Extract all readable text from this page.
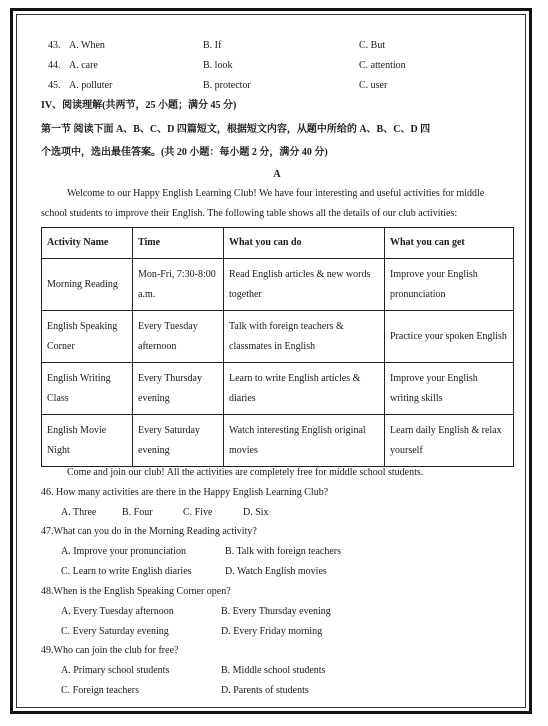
43. A. When	B. If	C. But
44. A. care	B. look	C. attention
45. A. polluter	B. protector	C. user
IV、阅读理解(共两节，25 小题；满分 45 分)
第一节 阅读下面 A、B、C、D 四篇短文，根据短文内容，从题中所给的 A、B、C、D 四
个选项中，选出最佳答案。(共 20 小题：每小题 2 分，满分 40 分)
A
Welcome to our Happy English Learning Club! We have four interesting and useful activities for middle
school students to improve their English. The following table shows all the details of our club activities:
Activity Name	Time	What you can do	What you can get
Morning Reading	Mon-Fri, 7:30-8:00 a.m.	Read English articles & new words together	Improve your English pronunciation
English Speaking Corner	Every Tuesday afternoon	Talk with foreign teachers & classmates in English	Practice your spoken English
English Writing Class	Every Thursday evening	Learn to write English articles & diaries	Improve your English writing skills
English Movie Night	Every Saturday evening	Watch interesting English original movies	Learn daily English & relax yourself
Come and join our club! All the activities are completely free for middle school students.
46. How many activities are there in the Happy English Learning Club?
A. Three	B. Four	C. Five	D. Six
47.What can you do in the Morning Reading activity?
A. Improve your pronunciation	B. Talk with foreign teachers
C. Learn to write English diaries	D. Watch English movies
48.When is the English Speaking Corner open?
A. Every Tuesday afternoon	B. Every Thursday evening
C. Every Saturday evening	D. Every Friday morning
49.Who can join the club for free?
A. Primary school students	B. Middle school students
C. Foreign teachers	D. Parents of students
